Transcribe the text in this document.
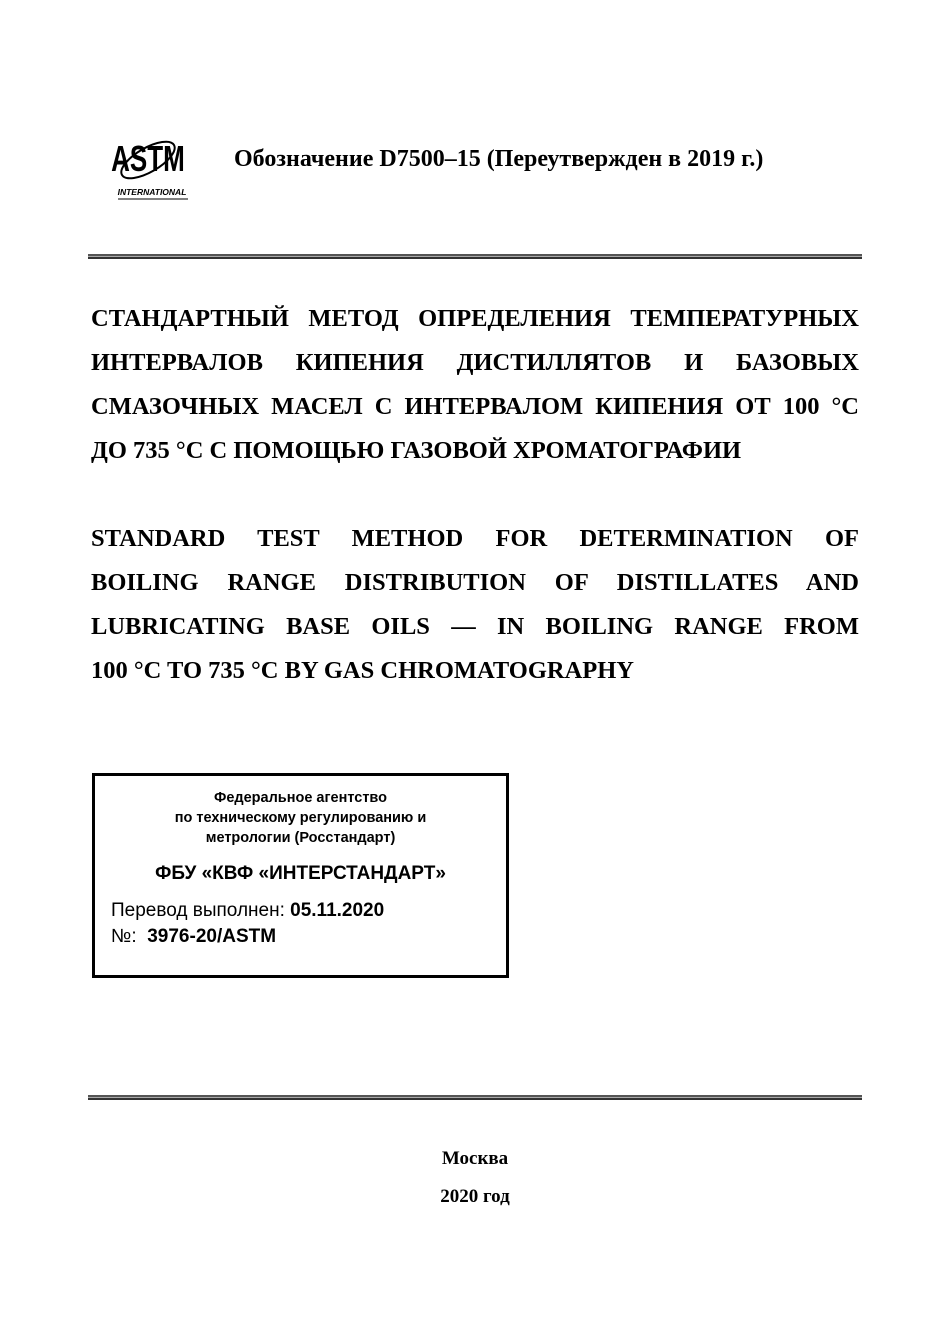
ASTM
INTERNATIONAL
Обозначение D7500–15 (Переутвержден в 2019 г.)
СТАНДАРТНЫЙ МЕТОД ОПРЕДЕЛЕНИЯ ТЕМПЕРАТУРНЫХ
ИНТЕРВАЛОВ КИПЕНИЯ ДИСТИЛЛЯТОВ И БАЗОВЫХ
СМАЗОЧНЫХ МАСЕЛ С ИНТЕРВАЛОМ КИПЕНИЯ ОТ 100 °С
ДО 735 °С С ПОМОЩЬЮ ГАЗОВОЙ ХРОМАТОГРАФИИ
STANDARD TEST METHOD FOR DETERMINATION OF
BOILING RANGE DISTRIBUTION OF DISTILLATES AND
LUBRICATING BASE OILS — IN BOILING RANGE FROM
100 °C TO 735 °C BY GAS CHROMATOGRAPHY
Федеральное агентство
по техническому регулированию и
метрологии (Росстандарт)
ФБУ «КВФ «ИНТЕРСТАНДАРТ»
Перевод выполнен: 05.11.2020
№:  3976-20/ASTM
Москва
2020 год
